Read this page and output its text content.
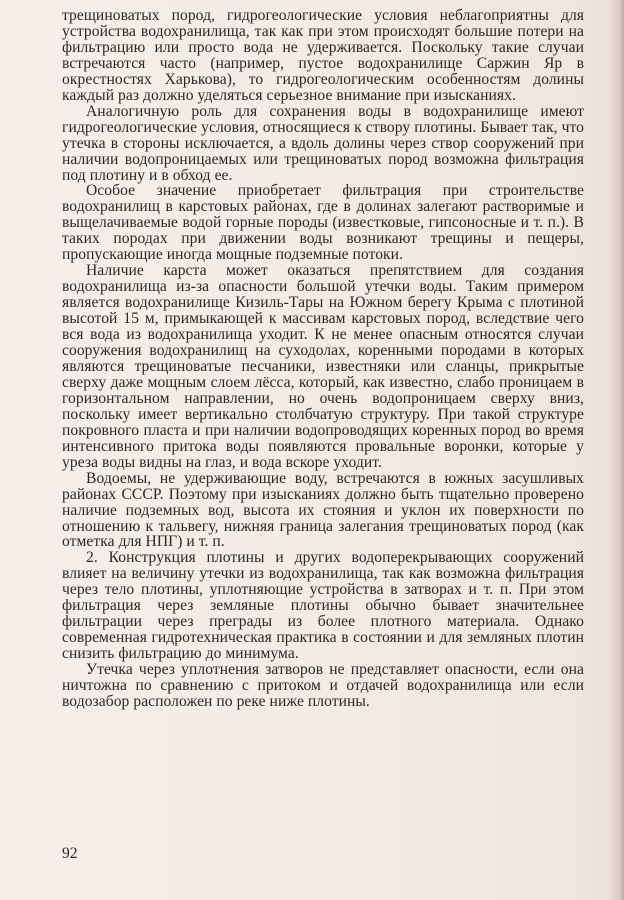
трещиноватых пород, гидрогеологические условия неблагоприятны для устройства водохранилища, так как при этом происходят большие потери на фильтрацию или просто вода не удерживается. Поскольку такие случаи встречаются часто (например, пустое водохранилище Саржин Яр в окрестностях Харькова), то гидрогеологическим особенностям долины каждый раз должно уделяться серьезное внимание при изысканиях.

Аналогичную роль для сохранения воды в водохранилище имеют гидрогеологические условия, относящиеся к створу плотины. Бывает так, что утечка в стороны исключается, а вдоль долины через створ сооружений при наличии водопроницаемых или трещиноватых пород возможна фильтрация под плотину и в обход ее.

Особое значение приобретает фильтрация при строительстве водохранилищ в карстовых районах, где в долинах залегают растворимые и выщелачиваемые водой горные породы (известковые, гипсоносные и т. п.). В таких породах при движении воды возникают трещины и пещеры, пропускающие иногда мощные подземные потоки.

Наличие карста может оказаться препятствием для создания водохранилища из-за опасности большой утечки воды. Таким примером является водохранилище Кизиль-Тары на Южном берегу Крыма с плотиной высотой 15 м, примыкающей к массивам карстовых пород, вследствие чего вся вода из водохранилища уходит. К не менее опасным относятся случаи сооружения водохранилищ на суходолах, коренными породами в которых являются трещиноватые песчаники, известняки или сланцы, прикрытые сверху даже мощным слоем лёсса, который, как известно, слабо проницаем в горизонтальном направлении, но очень водопроницаем сверху вниз, поскольку имеет вертикально столбчатую структуру. При такой структуре покровного пласта и при наличии водопроводящих коренных пород во время интенсивного притока воды появляются провальные воронки, которые у уреза воды видны на глаз, и вода вскоре уходит.

Водоемы, не удерживающие воду, встречаются в южных засушливых районах СССР. Поэтому при изысканиях должно быть тщательно проверено наличие подземных вод, высота их стояния и уклон их поверхности по отношению к тальвегу, нижняя граница залегания трещиноватых пород (как отметка для НПГ) и т. п.

2. Конструкция плотины и других водоперекрывающих сооружений влияет на величину утечки из водохранилища, так как возможна фильтрация через тело плотины, уплотняющие устройства в затворах и т. п. При этом фильтрация через земляные плотины обычно бывает значительнее фильтрации через преграды из более плотного материала. Однако современная гидротехническая практика в состоянии и для земляных плотин снизить фильтрацию до минимума.

Утечка через уплотнения затворов не представляет опасности, если она ничтожна по сравнению с притоком и отдачей водохранилища или если водозабор расположен по реке ниже плотины.

92
